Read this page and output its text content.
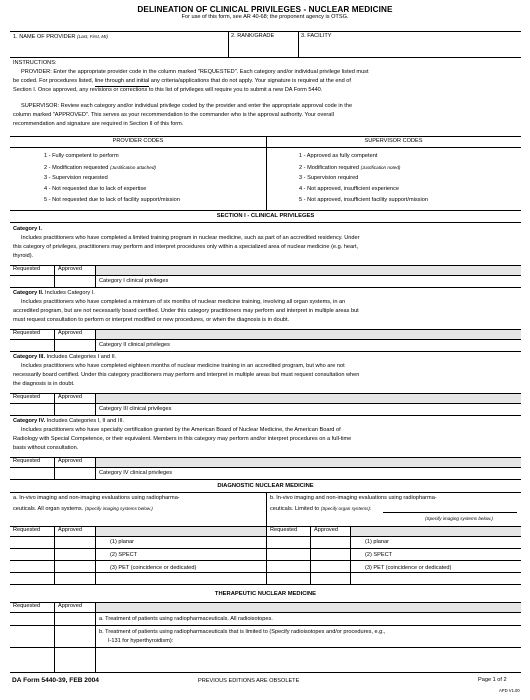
DELINEATION OF CLINICAL PRIVILEGES - NUCLEAR MEDICINE
For use of this form, see AR 40-68; the proponent agency is OTSG.
1. NAME OF PROVIDER (Last, First, MI)	2. RANK/GRADE	3. FACILITY
INSTRUCTIONS:
PROVIDER: Enter the appropriate provider code in the column marked "REQUESTED". Each category and/or individual privilege listed must
be coded. For procedures listed, line through and initial any criteria/applications that do not apply. Your signature is required at the end of
Section I. Once approved, any revisions or corrections to this list of privileges will require you to submit a new DA Form 5440.
SUPERVISOR: Review each category and/or individual privilege coded by the provider and enter the appropriate approval code in the
column marked "APPROVED". This serves as your recommendation to the commander who is the approval authority. Your overall
recommendation and signature are required in Section II of this form.
PROVIDER CODES	SUPERVISOR CODES
1 - Fully competent to perform
2 - Modification requested (Justification attached)
3 - Supervision requested
4 - Not requested due to lack of expertise
5 - Not requested due to lack of facility support/mission
1 - Approved as fully competent
2 - Modification required (Justification noted)
3 - Supervision required
4 - Not approved, insufficient experience
5 - Not approved, insufficient facility support/mission
SECTION I - CLINICAL PRIVILEGES
Category I.
Includes practitioners who have completed a limited training program in nuclear medicine, such as part of an accredited residency. Under
this category of privileges, practitioners may perform and interpret procedures only within a specialized area of nuclear medicine (e.g. heart,
thyroid).
Requested	Approved
Category I clinical privileges
Category II. Includes Category I.
Includes practitioners who have completed a minimum of six months of nuclear medicine training, involving all organ systems, in an
accredited program, but are not necessarily board certified. Under this category practitioners may perform and interpret in multiple areas but
must request consultation to perform or interpret modified or new procedures, or when the diagnosis is in doubt.
Requested	Approved
Category II clinical privileges
Category III. Includes Categories I and II.
Includes practitioners who have completed eighteen months of nuclear medicine training in an accredited program, but who are not
necessarily board certified. Under this category practitioners may perform and interpret in multiple areas but must request consultation when
the diagnosis is in doubt.
Requested	Approved
Category III clinical privileges
Category IV. Includes Categories I, II and III.
Includes practitioners who have specialty certification granted by the American Board of Nuclear Medicine, the American Board of
Radiology with Special Competence, or their equivalent. Members in this category may perform and/or interpret procedures on a full-time
basis without consultation.
Requested	Approved
Category IV clinical privileges
DIAGNOSTIC NUCLEAR MEDICINE
a. In-vivo imaging and non-imaging evaluations using radiopharma-
ceuticals. All organ systems. (Specify imaging systems below.)
b. In-vivo imaging and non-imaging evaluations using radiopharma-
ceuticals. Limited to (Specify organ systems):
(Specify imaging systems below.)
Requested	Approved
(1) planar
(2) SPECT
(3) PET (coincidence or dedicated)
Requested	Approved
(1) planar
(2) SPECT
(3) PET (coincidence or dedicated)
THERAPEUTIC NUCLEAR MEDICINE
Requested	Approved
a. Treatment of patients using radiopharmaceuticals. All radioisotopes.
b. Treatment of patients using radiopharmaceuticals that is limited to (Specify radioisotopes and/or procedures, e.g.,
I-131 for hyperthyroidism):
DA Form 5440-39, FEB 2004	PREVIOUS EDITIONS ARE OBSOLETE	Page 1 of 2
APD V1.00
